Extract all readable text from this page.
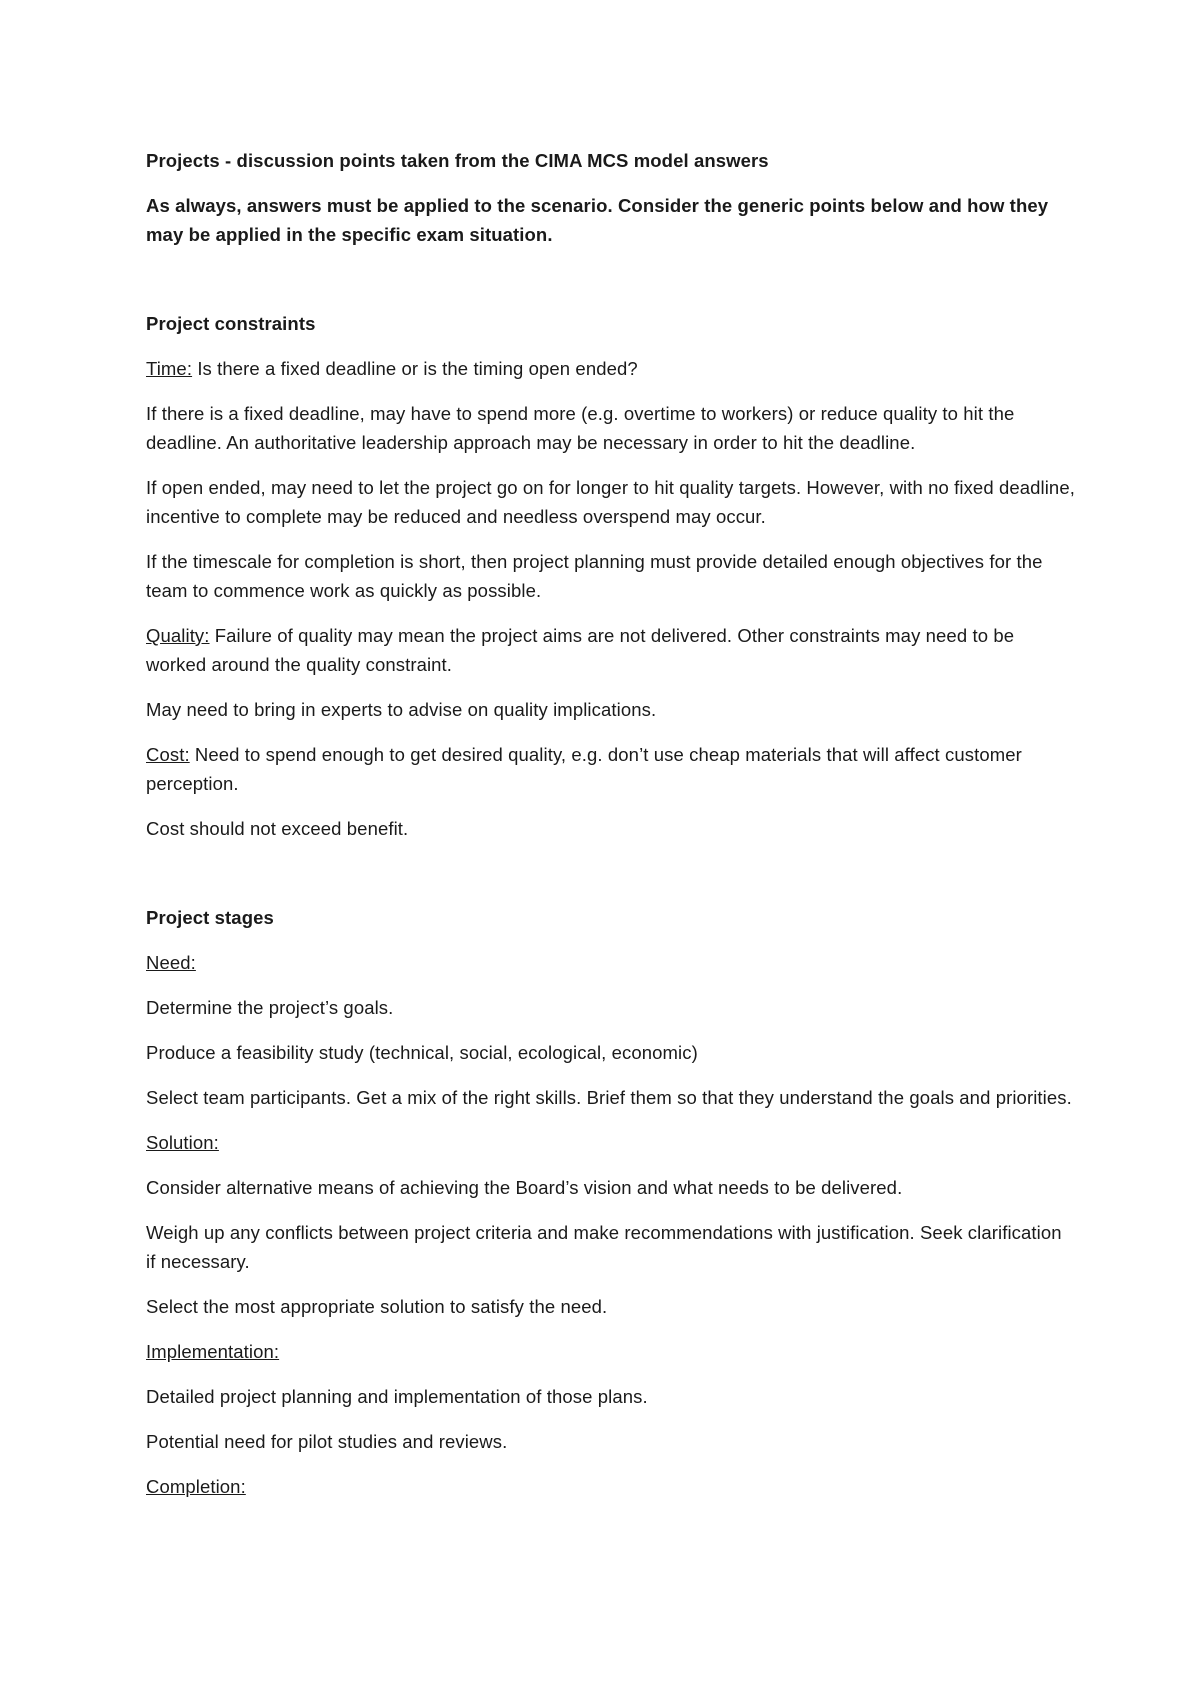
Projects - discussion points taken from the CIMA MCS model answers

As always, answers must be applied to the scenario. Consider the generic points below and how they may be applied in the specific exam situation.

Project constraints

Time: Is there a fixed deadline or is the timing open ended?

If there is a fixed deadline, may have to spend more (e.g. overtime to workers) or reduce quality to hit the deadline. An authoritative leadership approach may be necessary in order to hit the deadline.

If open ended, may need to let the project go on for longer to hit quality targets. However, with no fixed deadline, incentive to complete may be reduced and needless overspend may occur.

If the timescale for completion is short, then project planning must provide detailed enough objectives for the team to commence work as quickly as possible.

Quality: Failure of quality may mean the project aims are not delivered. Other constraints may need to be worked around the quality constraint.

May need to bring in experts to advise on quality implications.

Cost: Need to spend enough to get desired quality, e.g. don’t use cheap materials that will affect customer perception.

Cost should not exceed benefit.

Project stages

Need:

Determine the project’s goals.

Produce a feasibility study (technical, social, ecological, economic)

Select team participants. Get a mix of the right skills. Brief them so that they understand the goals and priorities.

Solution:

Consider alternative means of achieving the Board’s vision and what needs to be delivered.

Weigh up any conflicts between project criteria and make recommendations with justification. Seek clarification if necessary.

Select the most appropriate solution to satisfy the need.

Implementation:

Detailed project planning and implementation of those plans.

Potential need for pilot studies and reviews.

Completion:
